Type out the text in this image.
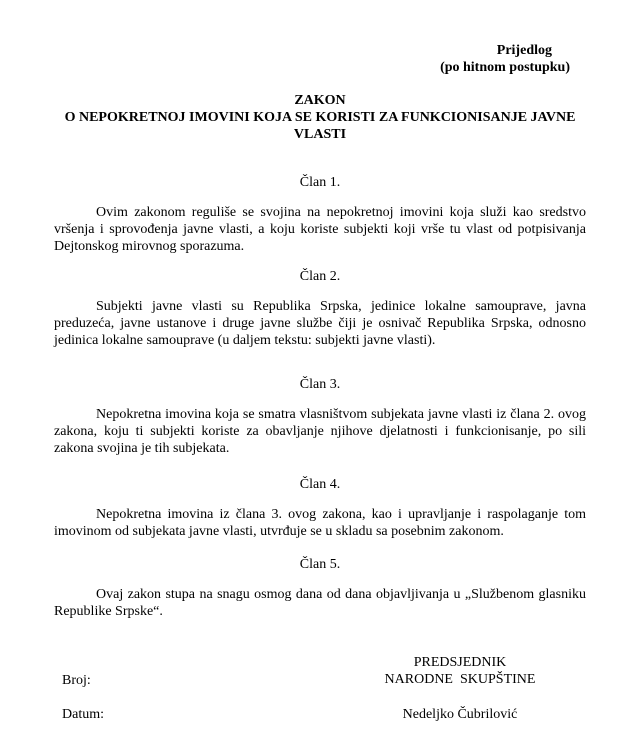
Prijedlog
(po hitnom postupku)
ZAKON
O NEPOKRETNOJ IMOVINI KOJA SE KORISTI ZA FUNKCIONISANJE JAVNE
VLASTI
Član 1.
Ovim zakonom reguliše se svojina na nepokretnoj imovini koja služi kao sredstvo vršenja i sprovođenja javne vlasti, a koju koriste subjekti koji vrše tu vlast od potpisivanja Dejtonskog mirovnog sporazuma.
Član 2.
Subjekti javne vlasti su Republika Srpska, jedinice lokalne samouprave, javna preduzeća, javne ustanove i druge javne službe čiji je osnivač Republika Srpska, odnosno jedinica lokalne samouprave (u daljem tekstu: subjekti javne vlasti).
Član 3.
Nepokretna imovina koja se smatra vlasništvom subjekata javne vlasti iz člana 2. ovog zakona, koju ti subjekti koriste za obavljanje njihove djelatnosti i funkcionisanje, po sili zakona svojina je tih subjekata.
Član 4.
Nepokretna imovina iz člana 3. ovog zakona, kao i upravljanje i raspolaganje tom imovinom od subjekata javne vlasti, utvrđuje se u skladu sa posebnim zakonom.
Član 5.
Ovaj zakon stupa na snagu osmog dana od dana objavljivanja u „Službenom glasniku Republike Srpske“.
Broj:
Datum:
PREDSJEDNIK
NARODNE  SKUPŠTINE
Nedeljko Čubrilović
